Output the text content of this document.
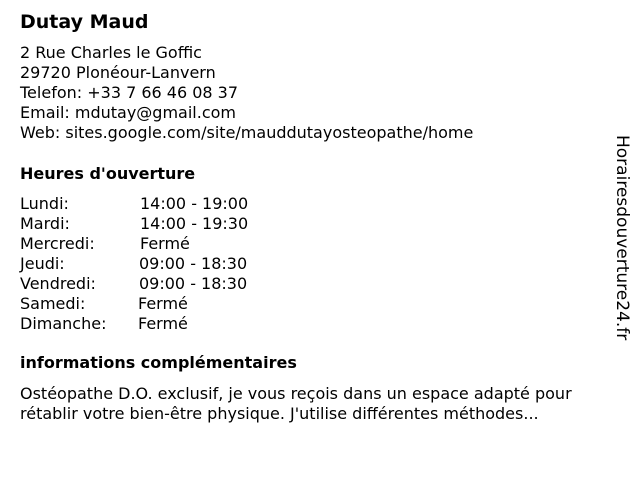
Dutay Maud
2 Rue Charles le Goffic
29720 Plonéour-Lanvern
Telefon: +33 7 66 46 08 37
Email: mdutay@gmail.com
Web: sites.google.com/site/mauddutayosteopathe/home
Heures d'ouverture
Lundi:	14:00 - 19:00
Mardi:	14:00 - 19:30
Mercredi:	Fermé
Jeudi:	09:00 - 18:30
Vendredi:	09:00 - 18:30
Samedi:	Fermé
Dimanche: Fermé
informations complémentaires
Ostéopathe D.O. exclusif, je vous reçois dans un espace adapté pour
rétablir votre bien-être physique. J'utilise différentes méthodes...
Horairesdouverture24.fr
